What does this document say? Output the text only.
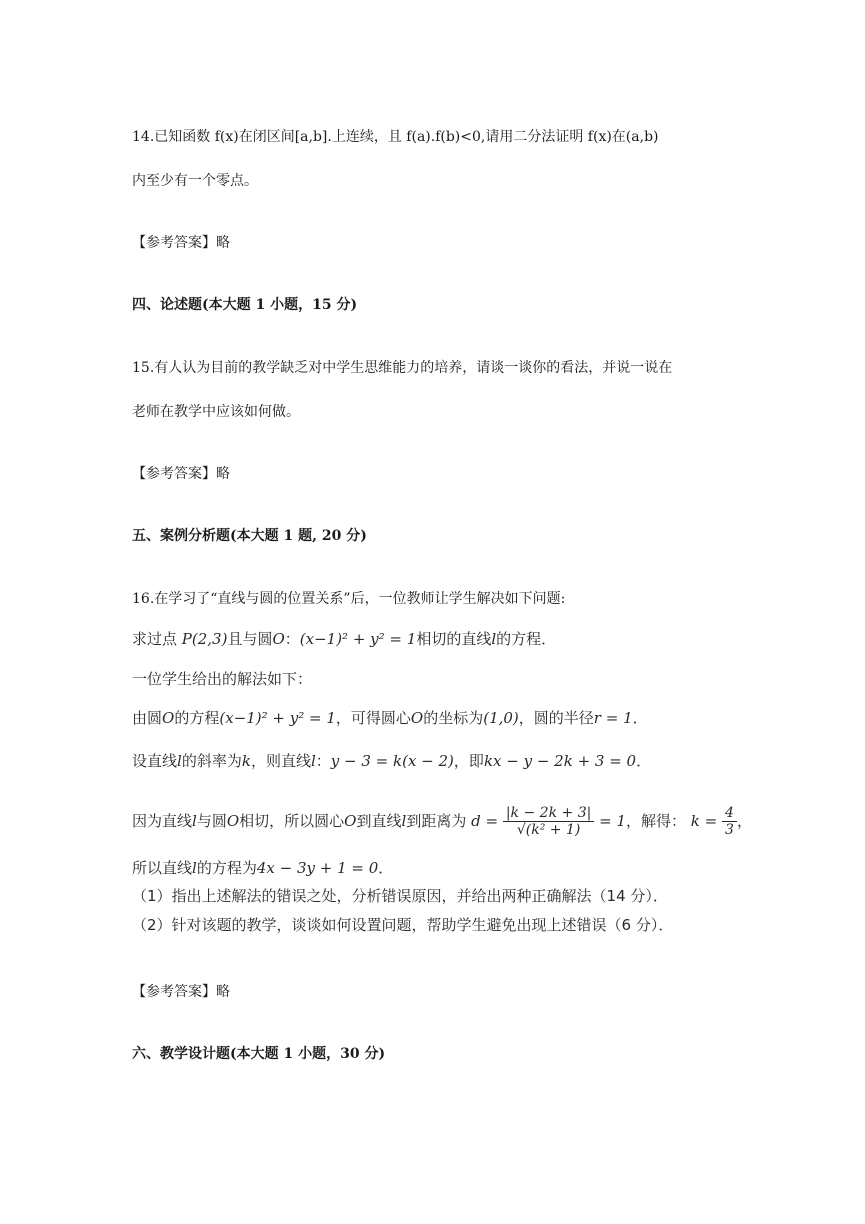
14.已知函数 f(x)在闭区间[a,b].上连续，且 f(a).f(b)<0,请用二分法证明 f(x)在(a,b)
内至少有一个零点。
【参考答案】略
四、论述题(本大题 1 小题，15 分)
15.有人认为目前的教学缺乏对中学生思维能力的培养，请谈一谈你的看法，并说一说在
老师在教学中应该如何做。
【参考答案】略
五、案例分析题(本大题 1 题, 20 分)
16.在学习了“直线与圆的位置关系”后，一位教师让学生解决如下问题:
求过点 P(2,3)且与圆O：(x−1)² + y² = 1相切的直线l的方程．
一位学生给出的解法如下：
由圆O的方程(x−1)² + y² = 1，可得圆心O的坐标为(1,0)，圆的半径r = 1．
设直线l的斜率为k，则直线l：y − 3 = k(x − 2)，即kx − y − 2k + 3 = 0．
因为直线l与圆O相切，所以圆心O到直线l到距离为 $d = \frac{|k - 2k + 3|}{\text{√(k² + 1)}} = 1$，解得： $k = \frac{4}{3}$ ，
所以直线l的方程为4x − 3y + 1 = 0．
（1）指出上述解法的错误之处，分析错误原因，并给出两种正确解法（14 分）．
（2）针对该题的教学，谈谈如何设置问题，帮助学生避免出现上述错误（6 分）．
【参考答案】略
六、教学设计题(本大题 1 小题，30 分)
